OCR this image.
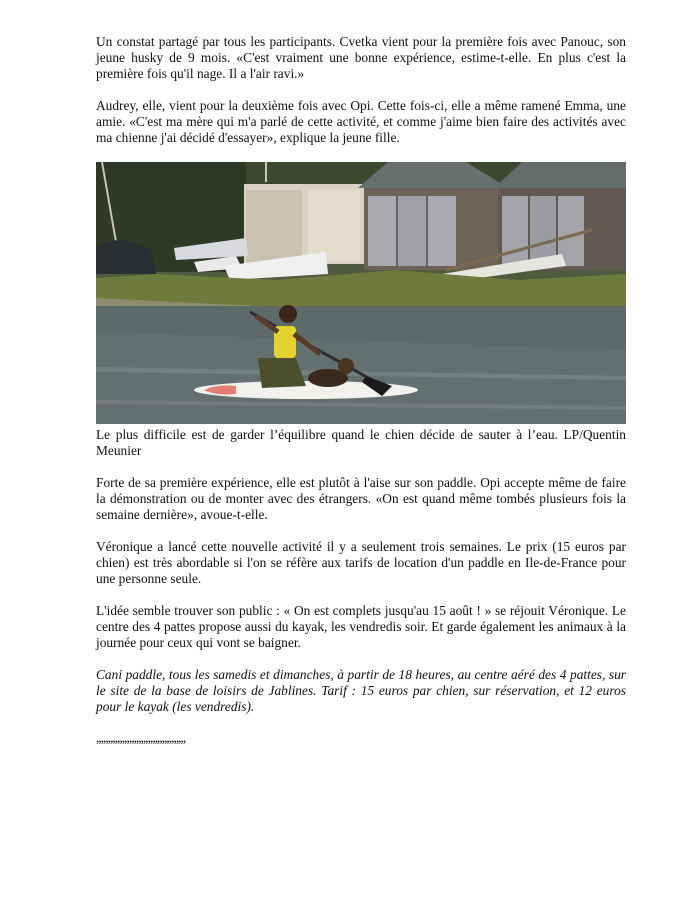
Un constat partagé par tous les participants. Cvetka vient pour la première fois avec Panouc, son jeune husky de 9 mois. «C'est vraiment une bonne expérience, estime-t-elle. En plus c'est la première fois qu'il nage. Il a l'air ravi.»

Audrey, elle, vient pour la deuxième fois avec Opi. Cette fois-ci, elle a même ramené Emma, une amie. «C'est ma mère qui m'a parlé de cette activité, et comme j'aime bien faire des activités avec ma chienne j'ai décidé d'essayer», explique la jeune fille.

Le plus difficile est de garder l’équilibre quand le chien décide de sauter à l’eau. LP/Quentin Meunier

Forte de sa première expérience, elle est plutôt à l'aise sur son paddle. Opi accepte même de faire la démonstration ou de monter avec des étrangers. «On est quand même tombés plusieurs fois la semaine dernière», avoue-t-elle.

Véronique a lancé cette nouvelle activité il y a seulement trois semaines. Le prix (15 euros par chien) est très abordable si l'on se réfère aux tarifs de location d'un paddle en Ile-de-France pour une personne seule.

L'idée semble trouver son public : « On est complets jusqu'au 15 août ! » se réjouit Véronique. Le centre des 4 pattes propose aussi du kayak, les vendredis soir. Et garde également les animaux à la journée pour ceux qui vont se baigner.

Cani paddle, tous les samedis et dimanches, à partir de 18 heures, au centre aéré des 4 pattes, sur le site de la base de loisirs de Jablines. Tarif : 15 euros par chien, sur réservation, et 12 euros pour le kayak (les vendredis).

,,,,,,,,,,,,,,,,,,,,,,,,,,,,,,,,,,,,,,
